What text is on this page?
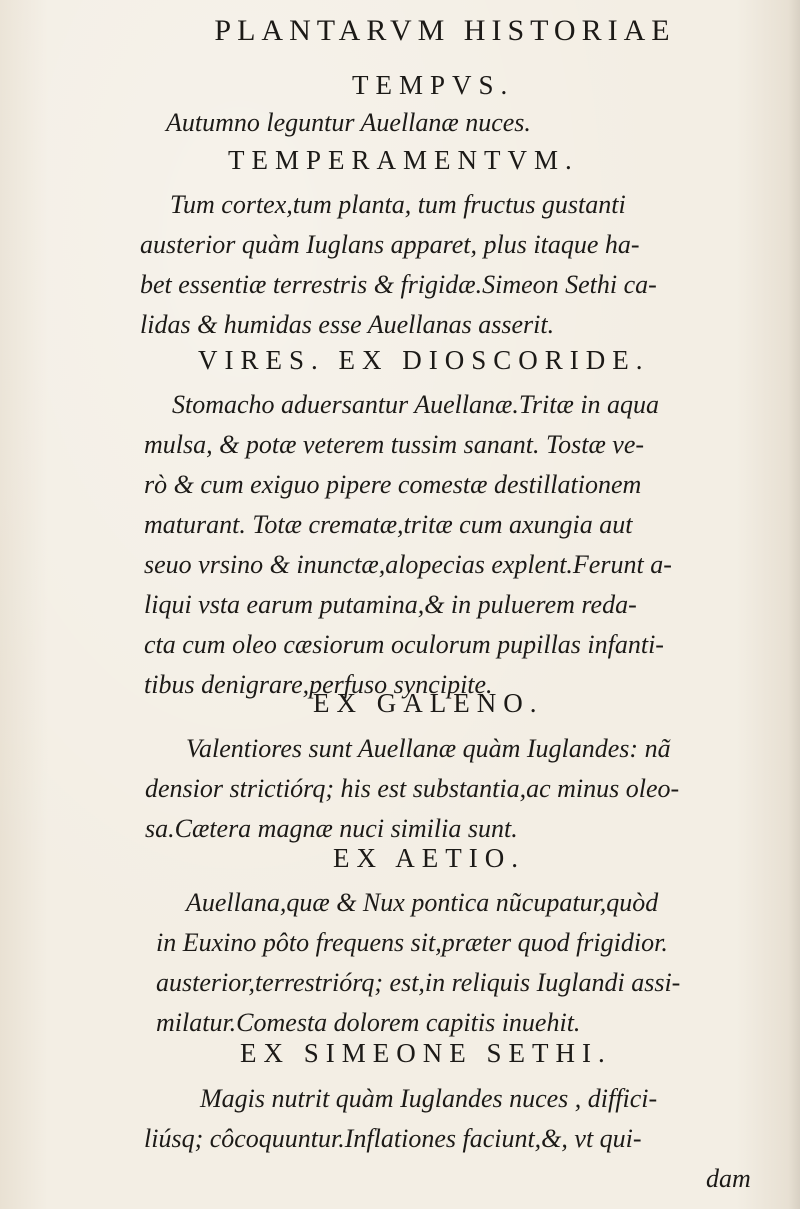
PLANTARVM HISTORIAE
TEMPVS.
Autumno leguntur Auellanæ nuces.
TEMPERAMENTVM.
Tum cortex,tum planta, tum fructus gustanti
austerior quàm Iuglans apparet, plus itaque ha-
bet essentiæ terrestris & frigidæ.Simeon Sethi ca-
lidas & humidas esse Auellanas asserit.
VIRES. EX DIOSCORIDE.
Stomacho aduersantur Auellanæ.Tritæ in aqua
mulsa, & potæ veterem tussim sanant. Tostæ ve-
rò & cum exiguo pipere comestæ destillationem
maturant. Totæ crematæ,tritæ cum axungia aut
seuo vrsino & inunctæ,alopecias explent.Ferunt a-
liqui vsta earum putamina,& in puluerem reda-
cta cum oleo cæsiorum oculorum pupillas infanti-
tibus denigrare,perfuso syncipite.
EX GALENO.
Valentiores sunt Auellanæ quàm Iuglandes: nã
densior strictiórq; his est substantia,ac minus oleo-
sa.Cætera magnæ nuci similia sunt.
EX AETIO.
Auellana,quæ & Nux pontica nũcupatur,quòd
in Euxino pôto frequens sit,præter quod frigidior.
austerior,terrestriórq; est,in reliquis Iuglandi assi-
milatur.Comesta dolorem capitis inuehit.
EX SIMEONE SETHI.
Magis nutrit quàm Iuglandes nuces , diffici-
liúsq; côcoquuntur.Inflationes faciunt,&, vt qui-
dam
